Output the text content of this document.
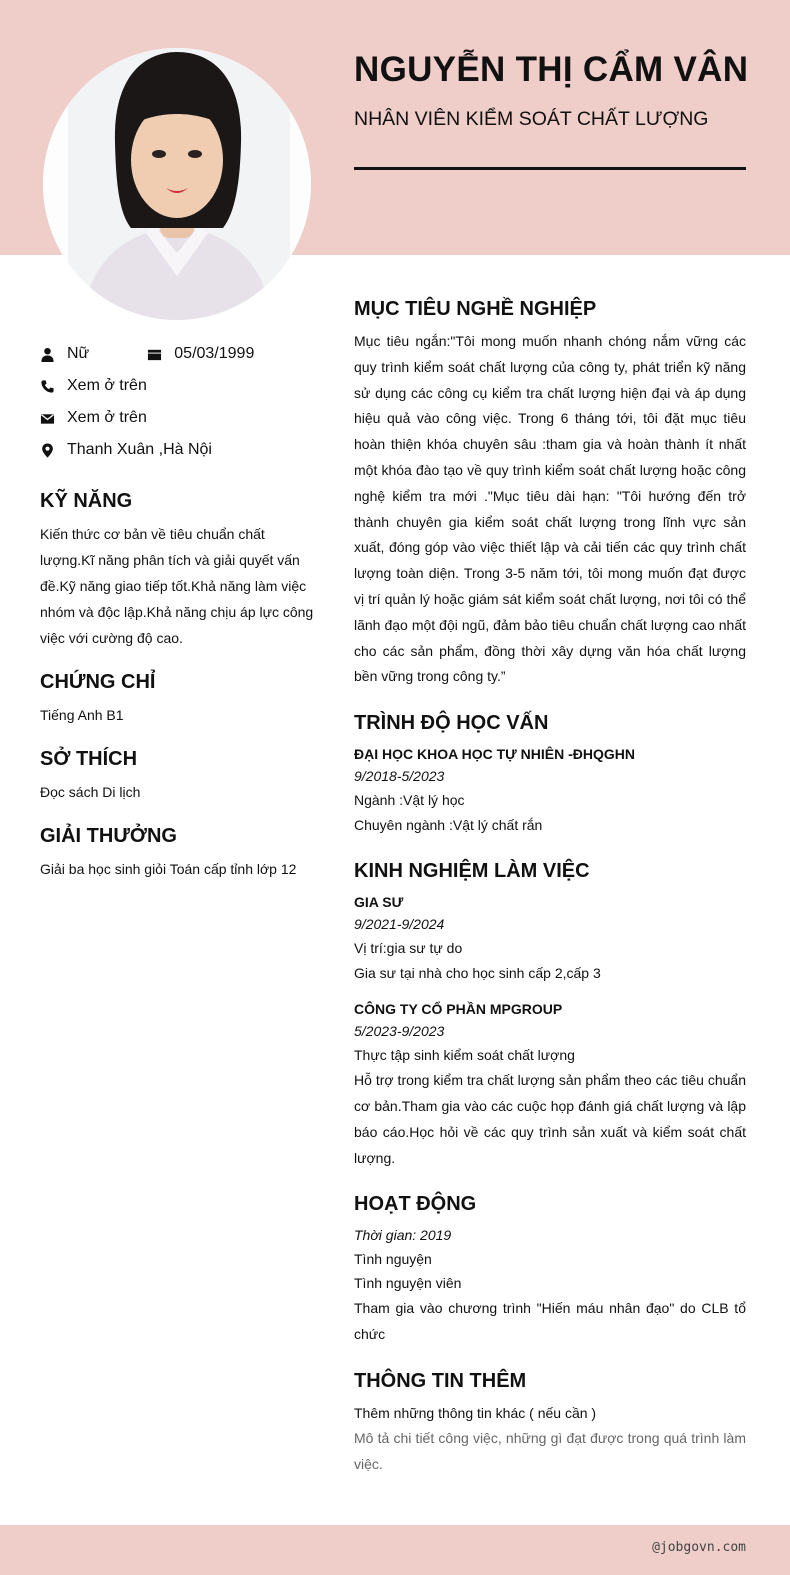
NGUYỄN THỊ CẨM VÂN
NHÂN VIÊN KIỂM SOÁT CHẤT LƯỢNG
Nữ	05/03/1999
Xem ở trên
Xem ở trên
Thanh Xuân ,Hà Nội
KỸ NĂNG
Kiến thức cơ bản về tiêu chuẩn chất lượng.Kĩ năng phân tích và giải quyết vấn đề.Kỹ năng giao tiếp tốt.Khả năng làm việc nhóm và độc lập.Khả năng chịu áp lực công việc với cường độ cao.
CHỨNG CHỈ
Tiếng Anh B1
SỞ THÍCH
Đọc sách Di lịch
GIẢI THƯỞNG
Giải ba học sinh giỏi Toán cấp tỉnh lớp 12
MỤC TIÊU NGHỀ NGHIỆP
Mục tiêu ngắn:"Tôi mong muốn nhanh chóng nắm vững các quy trình kiểm soát chất lượng của công ty, phát triển kỹ năng sử dụng các công cụ kiểm tra chất lượng hiện đại và áp dụng hiệu quả vào công việc. Trong 6 tháng tới, tôi đặt mục tiêu hoàn thiện khóa chuyên sâu :tham gia và hoàn thành ít nhất một khóa đào tạo về quy trình kiểm soát chất lượng hoặc công nghệ kiểm tra mới ."Mục tiêu dài hạn: "Tôi hướng đến trở thành chuyên gia kiểm soát chất lượng trong lĩnh vực sản xuất, đóng góp vào việc thiết lập và cải tiến các quy trình chất lượng toàn diện. Trong 3-5 năm tới, tôi mong muốn đạt được vị trí quản lý hoặc giám sát kiểm soát chất lượng, nơi tôi có thể lãnh đạo một đội ngũ, đảm bảo tiêu chuẩn chất lượng cao nhất cho các sản phẩm, đồng thời xây dựng văn hóa chất lượng bền vững trong công ty.”
TRÌNH ĐỘ HỌC VẤN
ĐẠI HỌC KHOA HỌC TỰ NHIÊN -ĐHQGHN
9/2018-5/2023
Ngành :Vật lý học
Chuyên ngành :Vật lý chất rắn
KINH NGHIỆM LÀM VIỆC
GIA SƯ
9/2021-9/2024
Vị trí:gia sư tự do
Gia sư tại nhà cho học sinh cấp 2,cấp 3
CÔNG TY CỔ PHẦN MPGROUP
5/2023-9/2023
Thực tập sinh kiểm soát chất lượng
Hỗ trợ trong kiểm tra chất lượng sản phẩm theo các tiêu chuẩn cơ bản.Tham gia vào các cuộc họp đánh giá chất lượng và lập báo cáo.Học hỏi về các quy trình sản xuất và kiểm soát chất lượng.
HOẠT ĐỘNG
Thời gian: 2019
Tình nguyện
Tình nguyện viên
Tham gia vào chương trình "Hiến máu nhân đạo" do CLB tổ chức
THÔNG TIN THÊM
Thêm những thông tin khác ( nếu cần )
Mô tả chi tiết công việc, những gì đạt được trong quá trình làm việc.
@jobgovn.com
